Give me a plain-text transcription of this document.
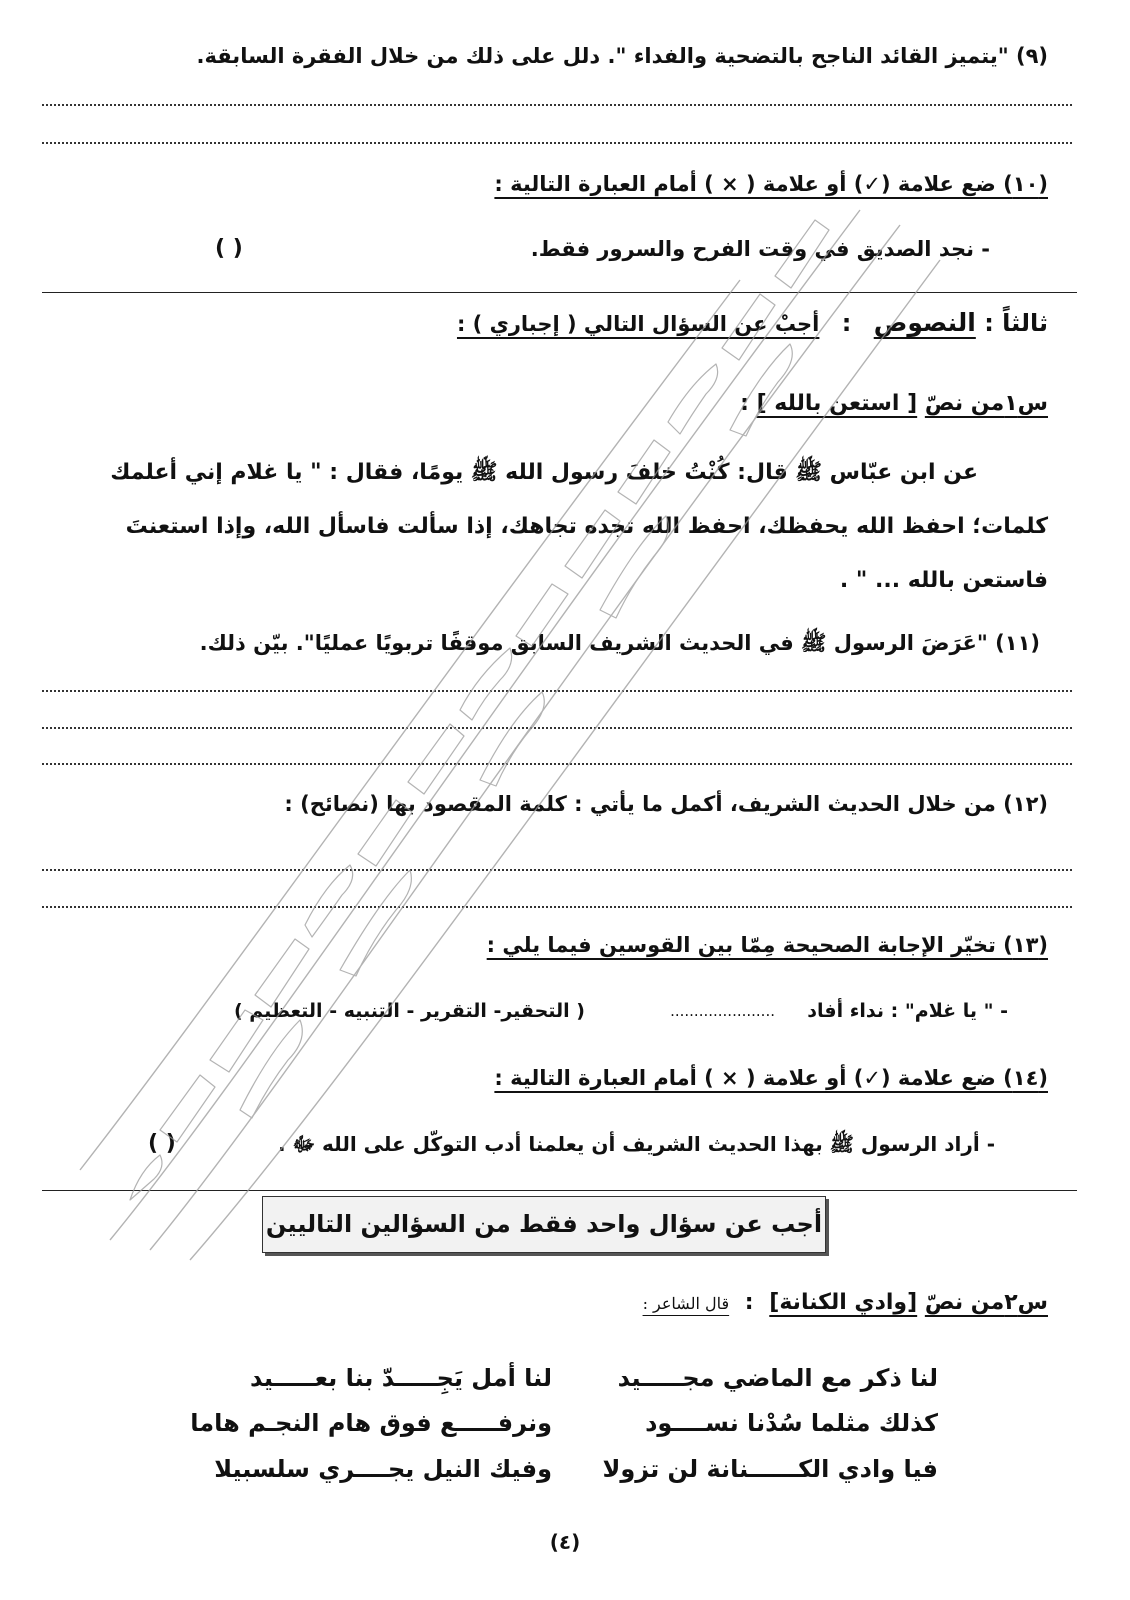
(٩) "يتميز القائد الناجح بالتضحية والفداء ". دلل على ذلك من خلال الفقرة السابقة.
(١٠) ضع علامة (✓) أو علامة ( × ) أمام العبارة التالية :
- نجد الصديق في وقت الفرح والسرور فقط.
( )
ثالثاً : النصوص : أجبْ عن السؤال التالي ( إجباري ) :
س١من نصّ [ استعن بالله ] :
عن ابن عبّاس ﷺ قال: كُنْتُ خلفَ رسول الله ﷺ يومًا، فقال : " يا غلام إني أعلمك
كلمات؛ احفظ الله يحفظك، احفظ الله تجده تجاهك، إذا سألت فاسأل الله، وإذا استعنتَ
فاستعن بالله ... " .
(١١) "عَرَضَ الرسول ﷺ في الحديث الشريف السابق موقفًا تربويًا عمليًا". بيّن ذلك.
(١٢) من خلال الحديث الشريف، أكمل ما يأتي : كلمة المقصود بها (نصائح) :
(١٣) تخيّر الإجابة الصحيحة مِمّا بين القوسين فيما يلي :
- " يا غلام" : نداء أفاد
......................
( التحقير- التقرير - التنبيه - التعظيم )
(١٤) ضع علامة (✓) أو علامة ( × ) أمام العبارة التالية :
- أراد الرسول ﷺ بهذا الحديث الشريف أن يعلمنا أدب التوكّل على الله ﷻ .
( )
أجب عن سؤال واحد فقط من السؤالين التاليين
س٢من نصّ [وادي الكنانة] : قال الشاعر :
لنا ذكر مع الماضي مجـــــيد
لنا أمل يَجِـــــدّ بنا بعـــــيد
كذلك مثلما سُدْنا نســــود
ونرفـــــع فوق هام النجـم هاما
فيا وادي الكــــــنانة لن تزولا
وفيك النيل يجــــري سلسبيلا
(٤)
